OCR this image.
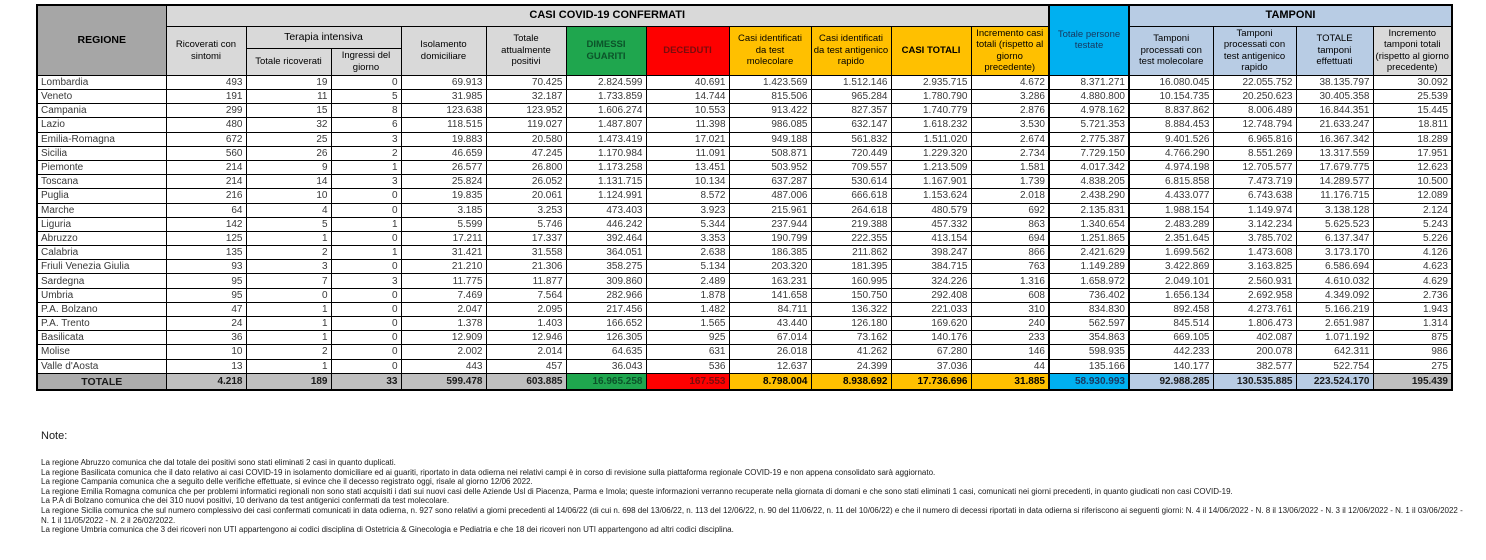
REGIONE	CASI COVID-19 CONFERMATI											Totale persone testate	TAMPONI			
	Ricoverati con sintomi	Terapia intensiva		Isolamento domiciliare	Totale attualmente positivi	DIMESSI GUARITI	DECEDUTI	Casi identificati da test molecolare	Casi identificati da test antigenico rapido	CASI TOTALI	Incremento casi totali (rispetto al giorno precedente)		Tamponi processati con test molecolare	Tamponi processati con test antigenico rapido	TOTALE tamponi effettuati	Incremento tamponi totali (rispetto al giorno precedente)
		Totale ricoverati	Ingressi del giorno													
Lombardia	493	19	0	69.913	70.425	2.824.599	40.691	1.423.569	1.512.146	2.935.715	4.672	8.371.271	16.080.045	22.055.752	38.135.797	30.092
Veneto	191	11	5	31.985	32.187	1.733.859	14.744	815.506	965.284	1.780.790	3.286	4.880.800	10.154.735	20.250.623	30.405.358	25.539
Campania	299	15	8	123.638	123.952	1.606.274	10.553	913.422	827.357	1.740.779	2.876	4.978.162	8.837.862	8.006.489	16.844.351	15.445
Lazio	480	32	6	118.515	119.027	1.487.807	11.398	986.085	632.147	1.618.232	3.530	5.721.353	8.884.453	12.748.794	21.633.247	18.811
Emilia-Romagna	672	25	3	19.883	20.580	1.473.419	17.021	949.188	561.832	1.511.020	2.674	2.775.387	9.401.526	6.965.816	16.367.342	18.289
Sicilia	560	26	2	46.659	47.245	1.170.984	11.091	508.871	720.449	1.229.320	2.734	7.729.150	4.766.290	8.551.269	13.317.559	17.951
Piemonte	214	9	1	26.577	26.800	1.173.258	13.451	503.952	709.557	1.213.509	1.581	4.017.342	4.974.198	12.705.577	17.679.775	12.623
Toscana	214	14	3	25.824	26.052	1.131.715	10.134	637.287	530.614	1.167.901	1.739	4.838.205	6.815.858	7.473.719	14.289.577	10.500
Puglia	216	10	0	19.835	20.061	1.124.991	8.572	487.006	666.618	1.153.624	2.018	2.438.290	4.433.077	6.743.638	11.176.715	12.089
Marche	64	4	0	3.185	3.253	473.403	3.923	215.961	264.618	480.579	692	2.135.831	1.988.154	1.149.974	3.138.128	2.124
Liguria	142	5	1	5.599	5.746	446.242	5.344	237.944	219.388	457.332	863	1.340.654	2.483.289	3.142.234	5.625.523	5.243
Abruzzo	125	1	0	17.211	17.337	392.464	3.353	190.799	222.355	413.154	694	1.251.865	2.351.645	3.785.702	6.137.347	5.226
Calabria	135	2	1	31.421	31.558	364.051	2.638	186.385	211.862	398.247	866	2.421.629	1.699.562	1.473.608	3.173.170	4.126
Friuli Venezia Giulia	93	3	0	21.210	21.306	358.275	5.134	203.320	181.395	384.715	763	1.149.289	3.422.869	3.163.825	6.586.694	4.623
Sardegna	95	7	3	11.775	11.877	309.860	2.489	163.231	160.995	324.226	1.316	1.658.972	2.049.101	2.560.931	4.610.032	4.629
Umbria	95	0	0	7.469	7.564	282.966	1.878	141.658	150.750	292.408	608	736.402	1.656.134	2.692.958	4.349.092	2.736
P.A. Bolzano	47	1	0	2.047	2.095	217.456	1.482	84.711	136.322	221.033	310	834.830	892.458	4.273.761	5.166.219	1.943
P.A. Trento	24	1	0	1.378	1.403	166.652	1.565	43.440	126.180	169.620	240	562.597	845.514	1.806.473	2.651.987	1.314
Basilicata	36	1	0	12.909	12.946	126.305	925	67.014	73.162	140.176	233	354.863	669.105	402.087	1.071.192	875
Molise	10	2	0	2.002	2.014	64.635	631	26.018	41.262	67.280	146	598.935	442.233	200.078	642.311	986
Valle d'Aosta	13	1	0	443	457	36.043	536	12.637	24.399	37.036	44	135.166	140.177	382.577	522.754	275
TOTALE	4.218	189	33	599.478	603.885	16.965.258	167.553	8.798.004	8.938.692	17.736.696	31.885	58.930.993	92.988.285	130.535.885	223.524.170	195.439
Note:
La regione Abruzzo comunica che dal totale dei positivi sono stati eliminati 2 casi in quanto duplicati.
La regione Basilicata comunica che il dato relativo ai casi COVID-19 in isolamento domiciliare ed ai guariti, riportato in data odierna nei relativi campi è in corso di revisione sulla piattaforma regionale COVID-19 e non appena consolidato sarà aggiornato.
La regione Campania comunica che a seguito delle verifiche effettuate, si evince che il decesso registrato oggi, risale al giorno 12/06 2022.
La regione Emilia Romagna comunica che per problemi informatici regionali non sono stati acquisiti i dati sui nuovi casi delle Aziende Usl di Piacenza, Parma e Imola; queste informazioni verranno recuperate nella giornata di domani e che sono stati eliminati 1 casi, comunicati nei giorni precedenti, in quanto giudicati non casi COVID-19.
La P.A di Bolzano comunica che dei 310 nuovi positivi, 10 derivano da test antigenici confermati da test molecolare.
La regione Sicilia comunica che sul numero complessivo dei casi confermati comunicati in data odierna, n. 927 sono relativi a giorni precedenti al 14/06/22 (di cui n. 698 del 13/06/22, n. 113 del 12/06/22, n. 90 del 11/06/22, n. 11 del 10/06/22) e che il numero di decessi riportati in data odierna si riferiscono ai seguenti giorni: N. 4 il 14/06/2022 - N. 8 il 13/06/2022 - N. 3 il 12/06/2022 - N. 1 il 03/06/2022 - N. 1 il 11/05/2022 - N. 2 il 26/02/2022.
La regione Umbria comunica che 3 dei ricoveri non UTI appartengono ai codici disciplina di Ostetricia & Ginecologia e Pediatria e che 18 dei ricoveri non UTI appartengono ad altri codici disciplina.
